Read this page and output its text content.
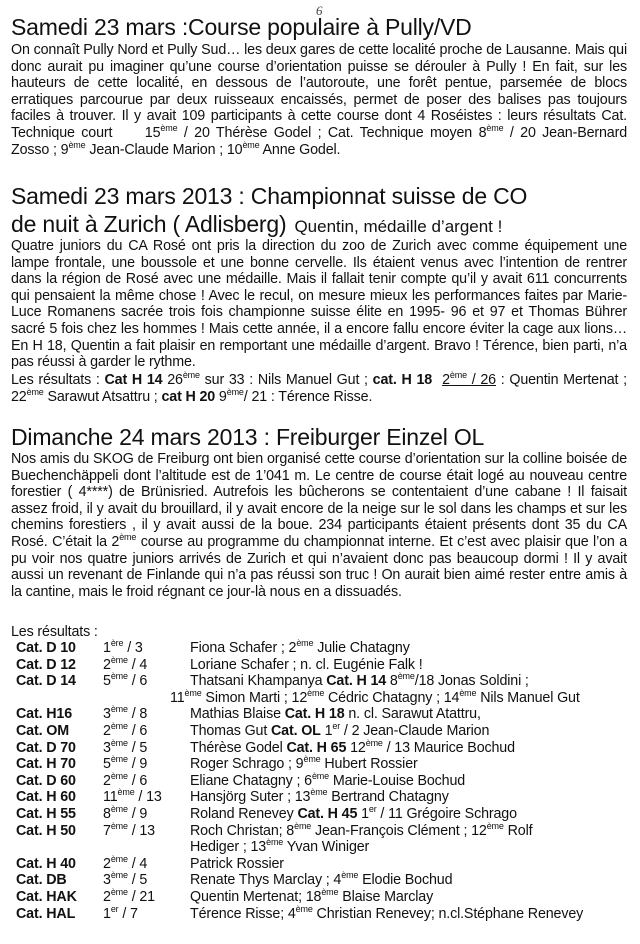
6
Samedi 23 mars :Course populaire à Pully/VD
On connaît Pully Nord et Pully Sud… les deux gares de cette localité proche de Lausanne. Mais qui donc aurait pu imaginer qu’une course d’orientation puisse se dérouler à Pully ! En fait, sur les hauteurs de cette localité, en dessous de l’autoroute, une forêt pentue, parsemée de blocs erratiques parcourue par deux ruisseaux encaissés, permet de poser des balises pas toujours faciles à trouver. Il y avait 109 participants à cette course dont 4 Roséistes : leurs résultats Cat. Technique court 15ème / 20 Thérèse Godel ; Cat. Technique moyen 8ème / 20 Jean-Bernard Zosso ; 9ème Jean-Claude Marion ; 10ème Anne Godel.
Samedi 23 mars 2013 : Championnat suisse de CO
de nuit à Zurich ( Adlisberg) Quentin, médaille d’argent !
Quatre juniors du CA Rosé ont pris la direction du zoo de Zurich avec comme équipement une lampe frontale, une boussole et une bonne cervelle. Ils étaient venus avec l’intention de rentrer dans la région de Rosé avec une médaille. Mais il fallait tenir compte qu’il y avait 611 concurrents qui pensaient la même chose ! Avec le recul, on mesure mieux les performances faites par Marie-Luce Romanens sacrée trois fois championne suisse élite en 1995- 96 et 97 et Thomas Bührer sacré 5 fois chez les hommes ! Mais cette année, il a encore fallu encore éviter la cage aux lions… En H 18, Quentin a fait plaisir en remportant une médaille d’argent. Bravo ! Térence, bien parti, n’a pas réussi à garder le rythme.
Les résultats : Cat H 14 26ème sur 33 : Nils Manuel Gut ; cat. H 18 2ème / 26 : Quentin Mertenat ; 22ème Sarawut Atsattru ; cat H 20 9ème/ 21 : Térence Risse.
Dimanche 24 mars 2013 : Freiburger Einzel OL
Nos amis du SKOG de Freiburg ont bien organisé cette course d’orientation sur la colline boisée de Buechenchäppeli dont l’altitude est de 1’041 m. Le centre de course était logé au nouveau centre forestier ( 4****) de Brünisried. Autrefois les bûcherons se contentaient d’une cabane ! Il faisait assez froid, il y avait du brouillard, il y avait encore de la neige sur le sol dans les champs et sur les chemins forestiers , il y avait aussi de la boue. 234 participants étaient présents dont 35 du CA Rosé. C’était la 2ème course au programme du championnat interne. Et c’est avec plaisir que l’on a pu voir nos quatre juniors arrivés de Zurich et qui n’avaient donc pas beaucoup dormi ! Il y avait aussi un revenant de Finlande qui n’a pas réussi son truc ! On aurait bien aimé rester entre amis à la cantine, mais le froid régnant ce jour-là nous en a dissuadés.
Les résultats :
Cat. D 10 1ère / 3	Fiona Schafer ; 2ème Julie Chatagny
Cat. D 12 2ème / 4	Loriane Schafer ; n. cl. Eugénie Falk !
Cat. D 14 5ème / 6	Thatsani Khampanya Cat. H 14 8ème/18 Jonas Soldini ;
11ème Simon Marti ; 12ème Cédric Chatagny ; 14ème Nils Manuel Gut
Cat. H16 3ème / 8	Mathias Blaise Cat. H 18 n. cl. Sarawut Atattru,
Cat. OM 2ème / 6	Thomas Gut Cat. OL 1er / 2 Jean-Claude Marion
Cat. D 70 3ème / 5	Thérèse Godel Cat. H 65 12ème / 13 Maurice Bochud
Cat. H 70 5ème / 9	Roger Schrago ; 9ème Hubert Rossier
Cat. D 60 2ème / 6	Eliane Chatagny ; 6ème Marie-Louise Bochud
Cat. H 60 11ème / 13 Hansjörg Suter ; 13ème Bertrand Chatagny
Cat. H 55 8ème / 9	Roland Renevey Cat. H 45 1er / 11 Grégoire Schrago
Cat. H 50 7ème / 13 Roch Christan; 8ème Jean-François Clément ; 12ème Rolf
Hediger ; 13ème Yvan Winiger
Cat. H 40 2ème / 4	Patrick Rossier
Cat. DB	3ème / 5	Renate Thys Marclay ; 4ème Elodie Bochud
Cat. HAK 2ème / 21 Quentin Mertenat; 18ème Blaise Marclay
Cat. HAL 1er / 7	Térence Risse; 4ème Christian Renevey; n.cl.Stéphane Renevey
